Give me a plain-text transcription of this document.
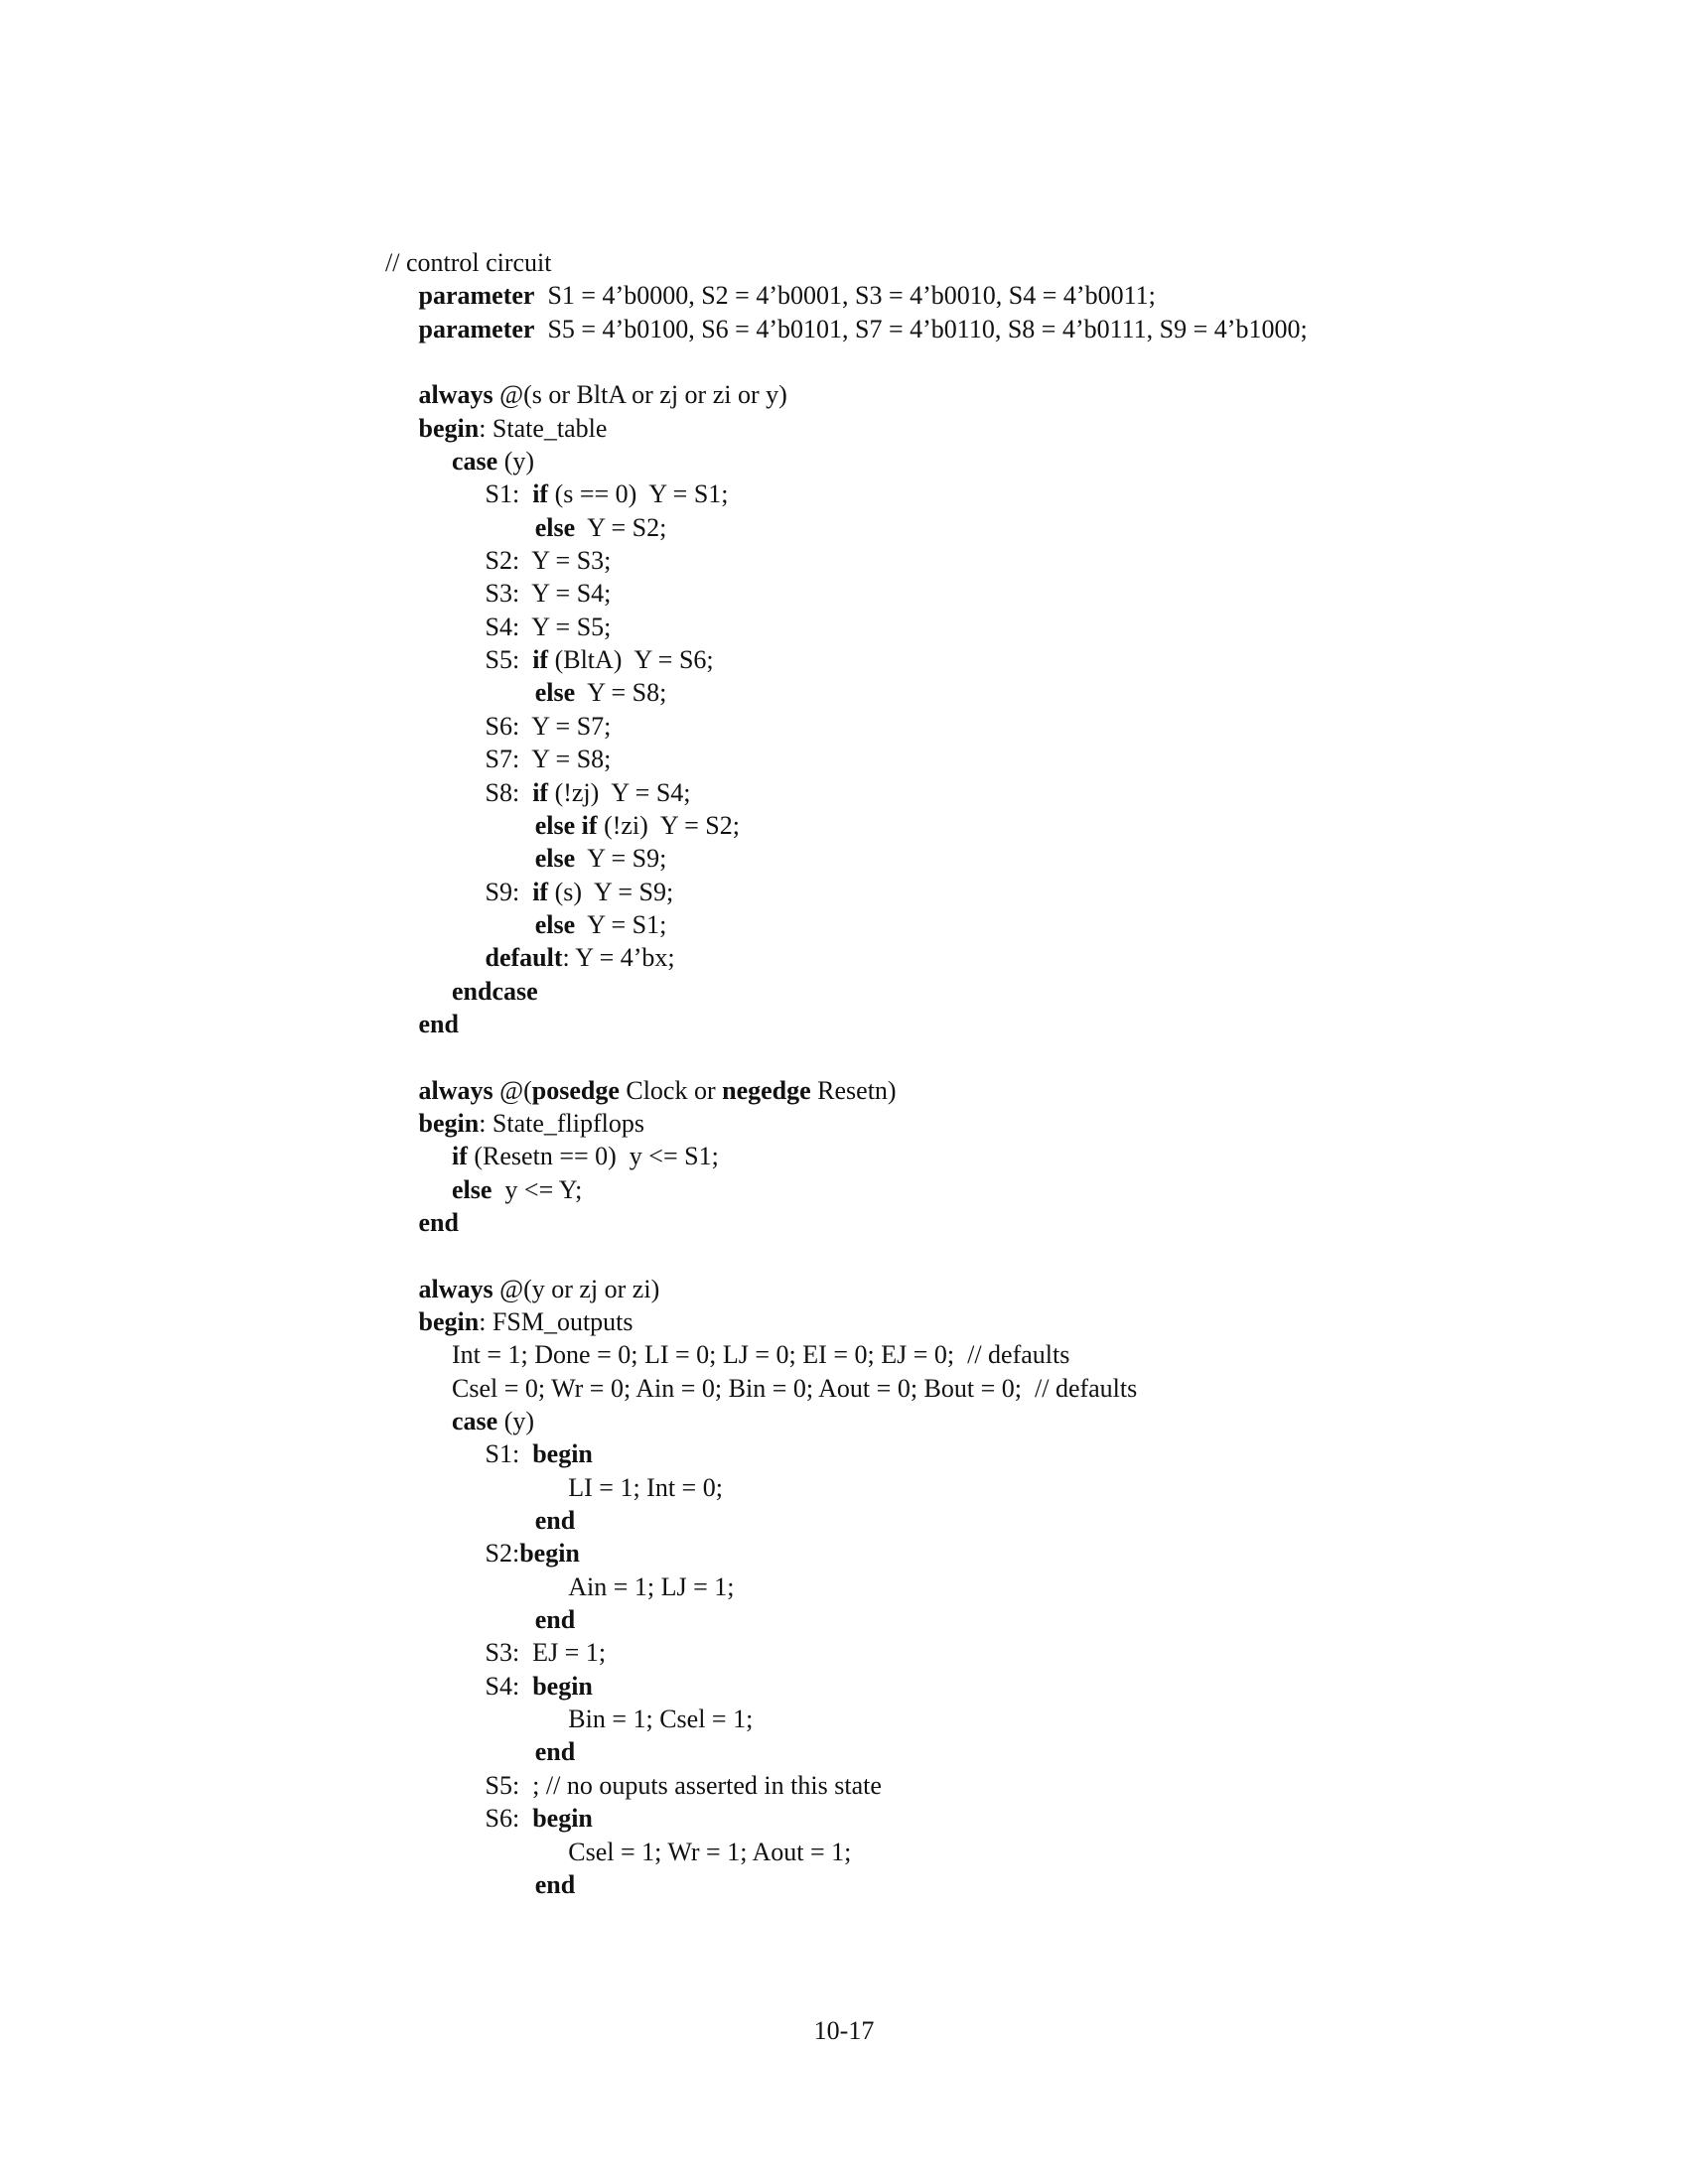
// control circuit
parameter  S1 = 4’b0000, S2 = 4’b0001, S3 = 4’b0010, S4 = 4’b0011;
parameter  S5 = 4’b0100, S6 = 4’b0101, S7 = 4’b0110, S8 = 4’b0111, S9 = 4’b1000;
always @(s or BltA or zj or zi or y)
begin: State_table
case (y)
S1:  if (s == 0)  Y = S1;
else  Y = S2;
S2:  Y = S3;
S3:  Y = S4;
S4:  Y = S5;
S5:  if (BltA)  Y = S6;
else  Y = S8;
S6:  Y = S7;
S7:  Y = S8;
S8:  if (!zj)  Y = S4;
else if (!zi)  Y = S2;
else  Y = S9;
S9:  if (s)  Y = S9;
else  Y = S1;
default: Y = 4’bx;
endcase
end
always @(posedge Clock or negedge Resetn)
begin: State_flipflops
if (Resetn == 0)  y <= S1;
else  y <= Y;
end
always @(y or zj or zi)
begin: FSM_outputs
Int = 1; Done = 0; LI = 0; LJ = 0; EI = 0; EJ = 0;  // defaults
Csel = 0; Wr = 0; Ain = 0; Bin = 0; Aout = 0; Bout = 0;  // defaults
case (y)
S1:  begin
LI = 1; Int = 0;
end
S2:begin
Ain = 1; LJ = 1;
end
S3:  EJ = 1;
S4:  begin
Bin = 1; Csel = 1;
end
S5:  ; // no ouputs asserted in this state
S6:  begin
Csel = 1; Wr = 1; Aout = 1;
end
10-17
